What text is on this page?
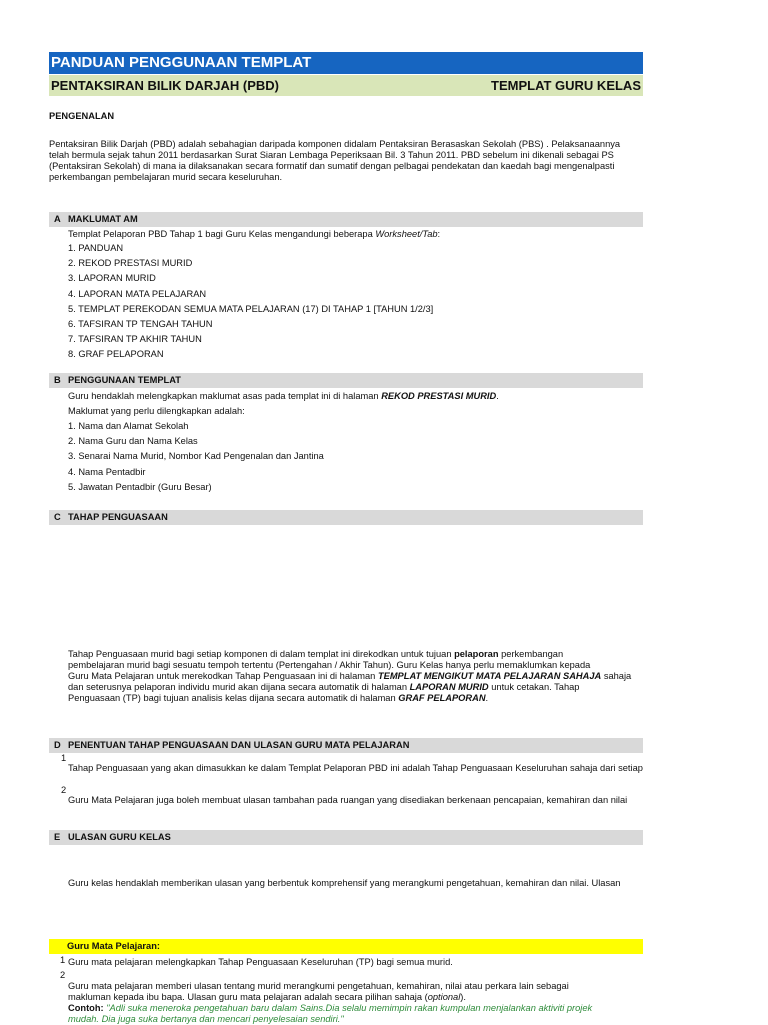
PANDUAN PENGGUNAAN TEMPLAT
PENTAKSIRAN BILIK DARJAH (PBD)	TEMPLAT GURU KELAS
PENGENALAN
Pentaksiran Bilik Darjah (PBD) adalah sebahagian daripada komponen didalam Pentaksiran Berasaskan Sekolah (PBS) . Pelaksanaannya
telah bermula sejak tahun 2011 berdasarkan Surat Siaran Lembaga Peperiksaan Bil. 3 Tahun 2011. PBD sebelum ini dikenali sebagai PS
(Pentaksiran Sekolah) di mana ia dilaksanakan secara formatif dan sumatif dengan pelbagai pendekatan dan kaedah bagi mengenalpasti
perkembangan pembelajaran murid secara keseluruhan.
A MAKLUMAT AM
Templat Pelaporan PBD Tahap 1 bagi Guru Kelas mengandungi beberapa Worksheet/Tab:
1. PANDUAN
2. REKOD PRESTASI MURID
3. LAPORAN MURID
4. LAPORAN MATA PELAJARAN
5. TEMPLAT PEREKODAN SEMUA MATA PELAJARAN (17) DI TAHAP 1 [TAHUN 1/2/3]
6. TAFSIRAN TP TENGAH TAHUN
7. TAFSIRAN TP AKHIR TAHUN
8. GRAF PELAPORAN
B PENGGUNAAN TEMPLAT
Guru hendaklah melengkapkan maklumat asas pada templat ini di halaman REKOD PRESTASI MURID.
Maklumat yang perlu dilengkapkan adalah:
1. Nama dan Alamat Sekolah
2. Nama Guru dan Nama Kelas
3. Senarai Nama Murid, Nombor Kad Pengenalan dan Jantina
4. Nama Pentadbir
5. Jawatan Pentadbir (Guru Besar)
C TAHAP PENGUASAAN
Tahap Penguasaan murid bagi setiap komponen di dalam templat ini direkodkan untuk tujuan pelaporan perkembangan
pembelajaran murid bagi sesuatu tempoh tertentu (Pertengahan / Akhir Tahun). Guru Kelas hanya perlu memaklumkan kepada
Guru Mata Pelajaran untuk merekodkan Tahap Penguasaan ini di halaman TEMPLAT MENGIKUT MATA PELAJARAN SAHAJA sahaja
dan seterusnya pelaporan individu murid akan dijana secara automatik di halaman LAPORAN MURID untuk cetakan. Tahap
Penguasaan (TP) bagi tujuan analisis kelas dijana secara automatik di halaman GRAF PELAPORAN.
D PENENTUAN TAHAP PENGUASAAN DAN ULASAN GURU MATA PELAJARAN
1
Tahap Penguasaan yang akan dimasukkan ke dalam Templat Pelaporan PBD ini adalah Tahap Penguasaan Keseluruhan sahaja dari setiap
2
Guru Mata Pelajaran juga boleh membuat ulasan tambahan pada ruangan yang disediakan berkenaan pencapaian, kemahiran dan nilai
E ULASAN GURU KELAS
Guru kelas hendaklah memberikan ulasan yang berbentuk komprehensif yang merangkumi pengetahuan, kemahiran dan nilai. Ulasan
Guru Mata Pelajaran:
1 Guru mata pelajaran melengkapkan Tahap Penguasaan Keseluruhan (TP) bagi semua murid.
2
Guru mata pelajaran memberi ulasan tentang murid merangkumi pengetahuan, kemahiran, nilai atau perkara lain sebagai
makluman kepada ibu bapa. Ulasan guru mata pelajaran adalah secara pilihan sahaja (optional).
Contoh: "Adli suka meneroka pengetahuan baru dalam Sains.Dia selalu memimpin rakan kumpulan menjalankan aktiviti projek
mudah. Dia juga suka bertanya dan mencari penyelesaian sendiri."
